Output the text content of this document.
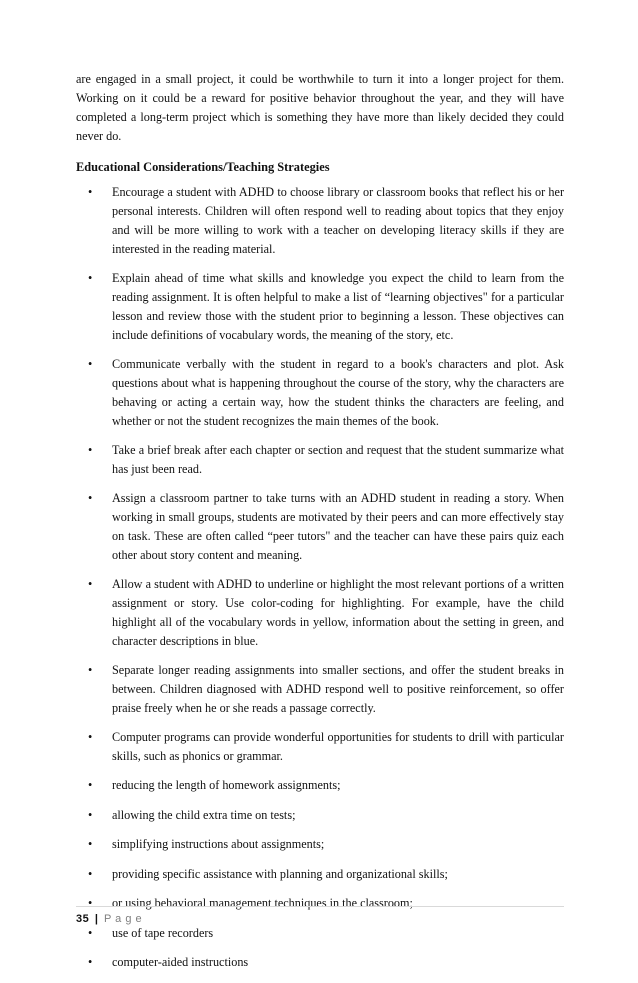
are engaged in a small project, it could be worthwhile to turn it into a longer project for them. Working on it could be a reward for positive behavior throughout the year, and they will have completed a long-term project which is something they have more than likely decided they could never do.

Educational Considerations/Teaching Strategies

• Encourage a student with ADHD to choose library or classroom books that reflect his or her personal interests. Children will often respond well to reading about topics that they enjoy and will be more willing to work with a teacher on developing literacy skills if they are interested in the reading material.
• Explain ahead of time what skills and knowledge you expect the child to learn from the reading assignment. It is often helpful to make a list of “learning objectives" for a particular lesson and review those with the student prior to beginning a lesson. These objectives can include definitions of vocabulary words, the meaning of the story, etc.
• Communicate verbally with the student in regard to a book's characters and plot. Ask questions about what is happening throughout the course of the story, why the characters are behaving or acting a certain way, how the student thinks the characters are feeling, and whether or not the student recognizes the main themes of the book.
• Take a brief break after each chapter or section and request that the student summarize what has just been read.
• Assign a classroom partner to take turns with an ADHD student in reading a story. When working in small groups, students are motivated by their peers and can more effectively stay on task. These are often called “peer tutors" and the teacher can have these pairs quiz each other about story content and meaning.
• Allow a student with ADHD to underline or highlight the most relevant portions of a written assignment or story. Use color-coding for highlighting. For example, have the child highlight all of the vocabulary words in yellow, information about the setting in green, and character descriptions in blue.
• Separate longer reading assignments into smaller sections, and offer the student breaks in between. Children diagnosed with ADHD respond well to positive reinforcement, so offer praise freely when he or she reads a passage correctly.
• Computer programs can provide wonderful opportunities for students to drill with particular skills, such as phonics or grammar.
• reducing the length of homework assignments;
• allowing the child extra time on tests;
• simplifying instructions about assignments;
• providing specific assistance with planning and organizational skills;
• or using behavioral management techniques in the classroom;
• use of tape recorders
• computer-aided instructions
35 | P a g e
